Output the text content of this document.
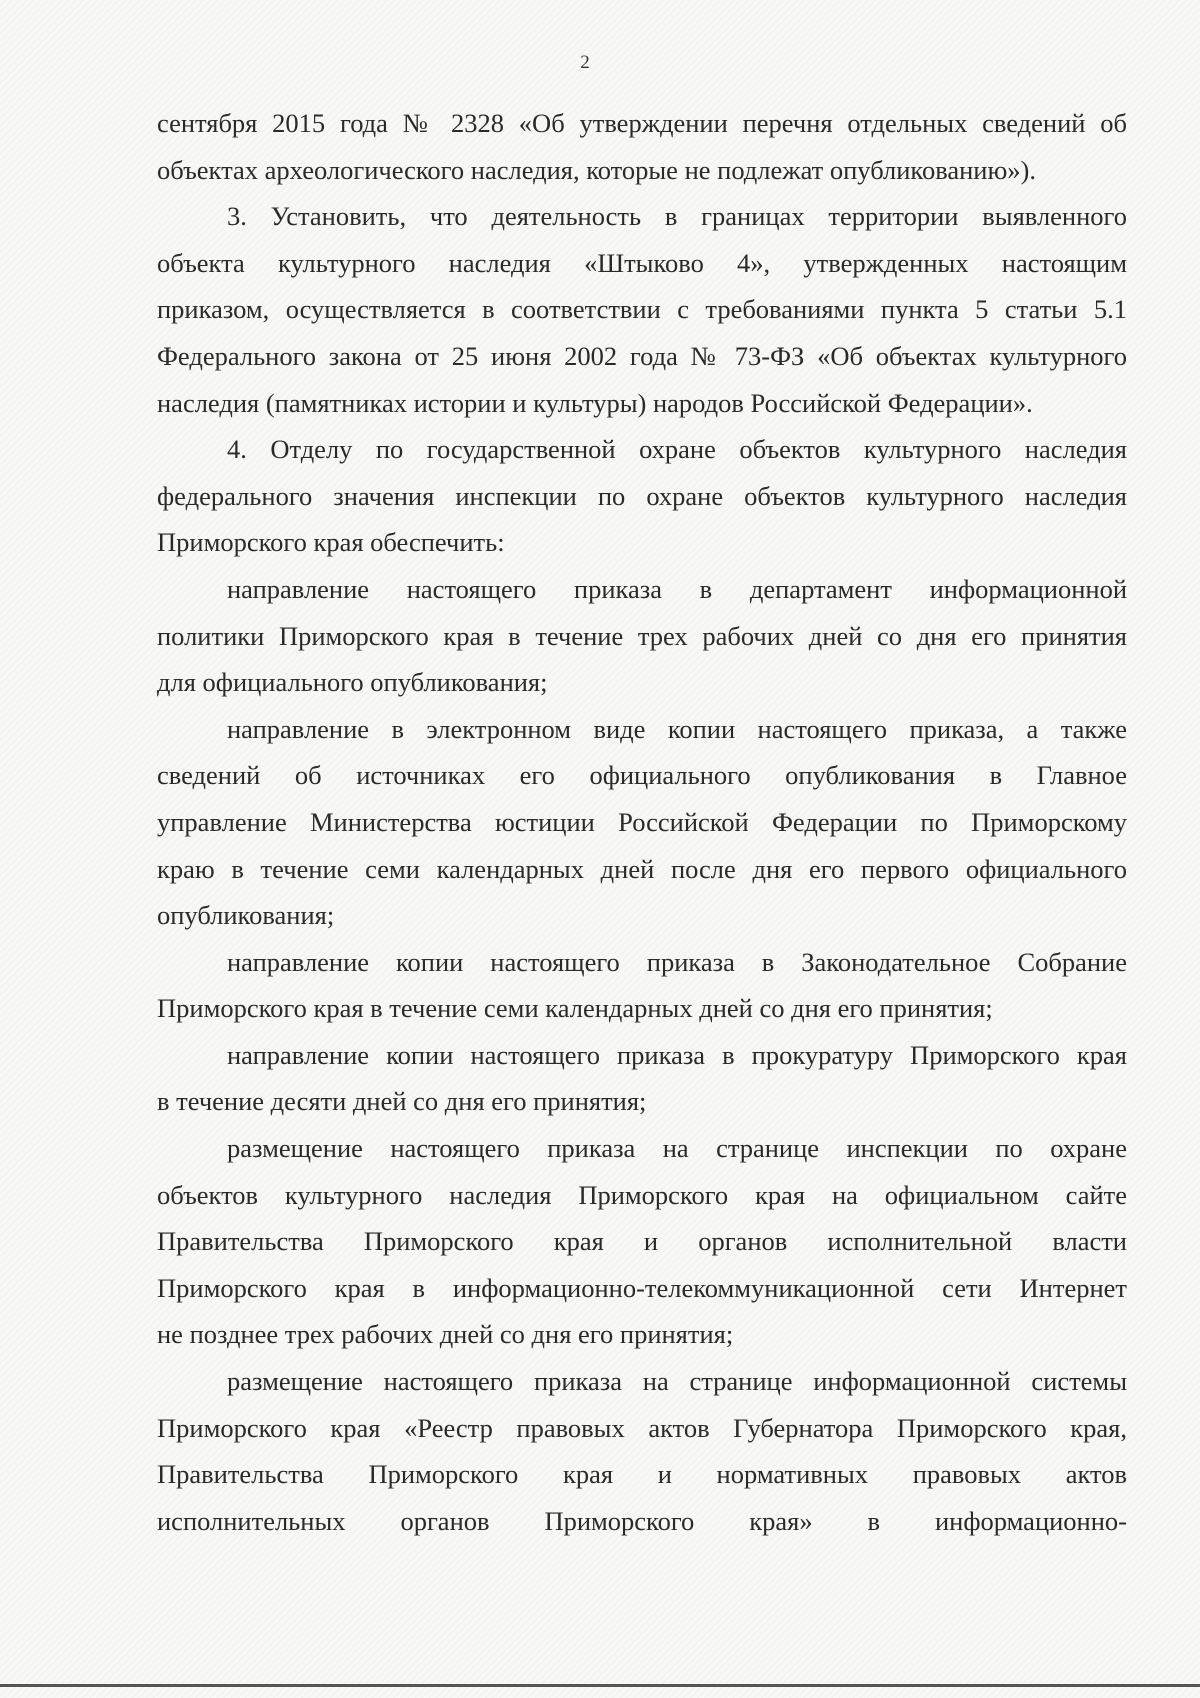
2
сентября 2015 года № 2328 «Об утверждении перечня отдельных сведений об
объектах археологического наследия, которые не подлежат опубликованию»).
3. Установить, что деятельность в границах территории выявленного
объекта культурного наследия «Штыково 4», утвержденных настоящим
приказом, осуществляется в соответствии с требованиями пункта 5 статьи 5.1
Федерального закона от 25 июня 2002 года № 73-ФЗ «Об объектах культурного
наследия (памятниках истории и культуры) народов Российской Федерации».
4. Отделу по государственной охране объектов культурного наследия
федерального значения инспекции по охране объектов культурного наследия
Приморского края обеспечить:
направление настоящего приказа в департамент информационной
политики Приморского края в течение трех рабочих дней со дня его принятия
для официального опубликования;
направление в электронном виде копии настоящего приказа, а также
сведений об источниках его официального опубликования в Главное
управление Министерства юстиции Российской Федерации по Приморскому
краю в течение семи календарных дней после дня его первого официального
опубликования;
направление копии настоящего приказа в Законодательное Собрание
Приморского края в течение семи календарных дней со дня его принятия;
направление копии настоящего приказа в прокуратуру Приморского края
в течение десяти дней со дня его принятия;
размещение настоящего приказа на странице инспекции по охране
объектов культурного наследия Приморского края на официальном сайте
Правительства Приморского края и органов исполнительной власти
Приморского края в информационно-телекоммуникационной сети Интернет
не позднее трех рабочих дней со дня его принятия;
размещение настоящего приказа на странице информационной системы
Приморского края «Реестр правовых актов Губернатора Приморского края,
Правительства Приморского края и нормативных правовых актов
исполнительных органов Приморского края» в информационно-
